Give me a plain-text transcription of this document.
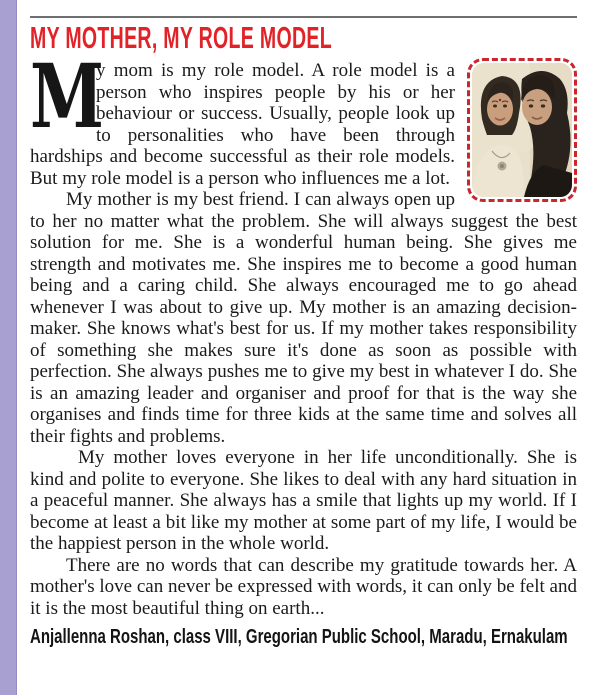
MY MOTHER, MY ROLE MODEL

M
y mom is my role model. A role model is a person who inspires people by his or her behaviour or success. Usually, people look up to personalities who have been through hardships and become successful as their role models. But my role model is a person who influences me a lot.

My mother is my best friend. I can always open up to her no matter what the problem. She will always suggest the best solution for me. She is a wonderful human being. She gives me strength and motivates me. She inspires me to become a good human being and a caring child. She always encouraged me to go ahead whenever I was about to give up. My mother is an amazing decision-maker. She knows what's best for us. If my mother takes responsibility of something she makes sure it's done as soon as possible with perfection. She always pushes me to give my best in whatever I do. She is an amazing leader and organiser and proof for that is the way she organises and finds time for three kids at the same time and solves all their fights and problems.

My mother loves everyone in her life unconditionally. She is kind and polite to everyone. She likes to deal with any hard situation in a peaceful manner. She always has a smile that lights up my world. If I become at least a bit like my mother at some part of my life, I would be the happiest person in the whole world.

There are no words that can describe my gratitude towards her. A mother's love can never be expressed with words, it can only be felt and it is the most beautiful thing on earth...

Anjallenna Roshan, class VIII, Gregorian Public School, Maradu, Ernakulam
